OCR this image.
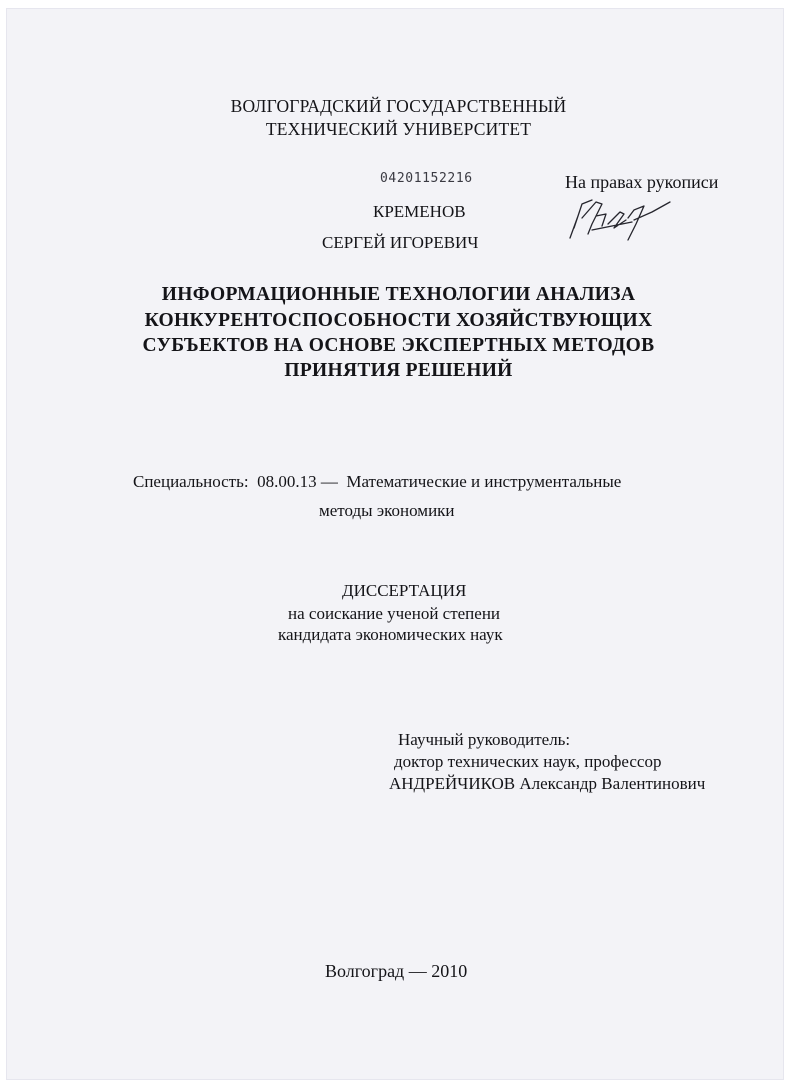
ВОЛГОГРАДСКИЙ ГОСУДАРСТВЕННЫЙ
ТЕХНИЧЕСКИЙ УНИВЕРСИТЕТ
04201152216	На правах рукописи
КРЕМЕНОВ
СЕРГЕЙ ИГОРЕВИЧ
ИНФОРМАЦИОННЫЕ ТЕХНОЛОГИИ АНАЛИЗА
КОНКУРЕНТОСПОСОБНОСТИ ХОЗЯЙСТВУЮЩИХ
СУБЪЕКТОВ НА ОСНОВЕ ЭКСПЕРТНЫХ МЕТОДОВ
ПРИНЯТИЯ РЕШЕНИЙ
Специальность:  08.00.13 —  Математические и инструментальные
методы экономики
ДИССЕРТАЦИЯ
на соискание ученой степени
кандидата экономических наук
Научный руководитель:
доктор технических наук, профессор
АНДРЕЙЧИКОВ Александр Валентинович
Волгоград — 2010
